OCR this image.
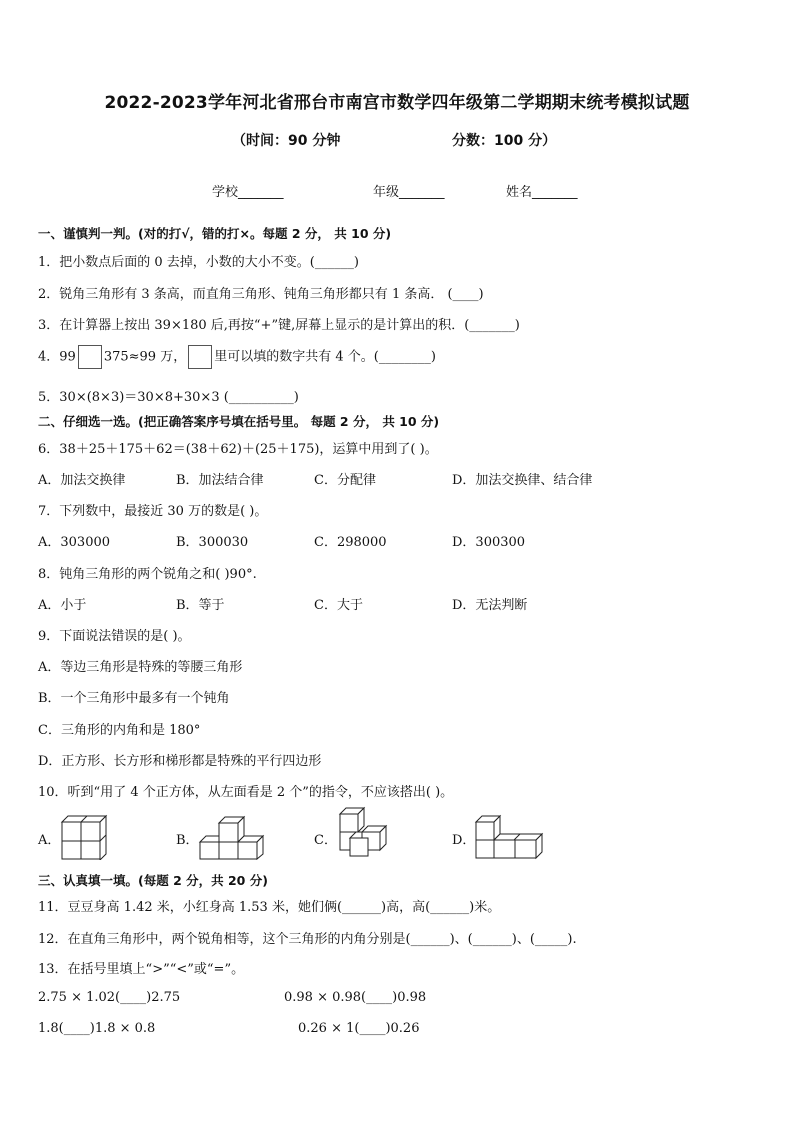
2022-2023学年河北省邢台市南宫市数学四年级第二学期期末统考模拟试题
（时间：90 分钟	分数：100 分）
学校_______	年级_______	姓名_______
一、谨慎判一判。(对的打√，错的打×。每题 2 分， 共 10 分)
1．把小数点后面的 0 去掉，小数的大小不变。(______)
2．锐角三角形有 3 条高，而直角三角形、钝角三角形都只有 1 条高． (____)
3．在计算器上按出 39×180 后,再按“+”键,屏幕上显示的是计算出的积．(_______)
4．99 375≈99 万， 里可以填的数字共有 4 个。(________)
5．30×(8×3)＝30×8+30×3 (__________)
二、仔细选一选。(把正确答案序号填在括号里。 每题 2 分， 共 10 分)
6．38＋25＋175＋62＝(38＋62)＋(25＋175)，运算中用到了( )。
A．加法交换律	B．加法结合律	C．分配律	D．加法交换律、结合律
7．下列数中，最接近 30 万的数是( )。
A．303000	B．300030	C．298000	D．300300
8．钝角三角形的两个锐角之和( )90°.
A．小于	B．等于	C．大于	D．无法判断
9．下面说法错误的是( )。
A．等边三角形是特殊的等腰三角形
B．一个三角形中最多有一个钝角
C．三角形的内角和是 180°
D．正方形、长方形和梯形都是特殊的平行四边形
10．听到“用了 4 个正方体，从左面看是 2 个”的指令，不应该搭出( )。
A．	B．	C．	D．
三、认真填一填。(每题 2 分，共 20 分)
11．豆豆身高 1.42 米，小红身高 1.53 米，她们俩(______)高，高(______)米。
12．在直角三角形中，两个锐角相等，这个三角形的内角分别是(______)、(______)、(_____).
13．在括号里填上“>”“<”或“=”。
2.75 × 1.02(____)2.75	0.98 × 0.98(____)0.98
1.8(____)1.8 × 0.8	0.26 × 1(____)0.26
